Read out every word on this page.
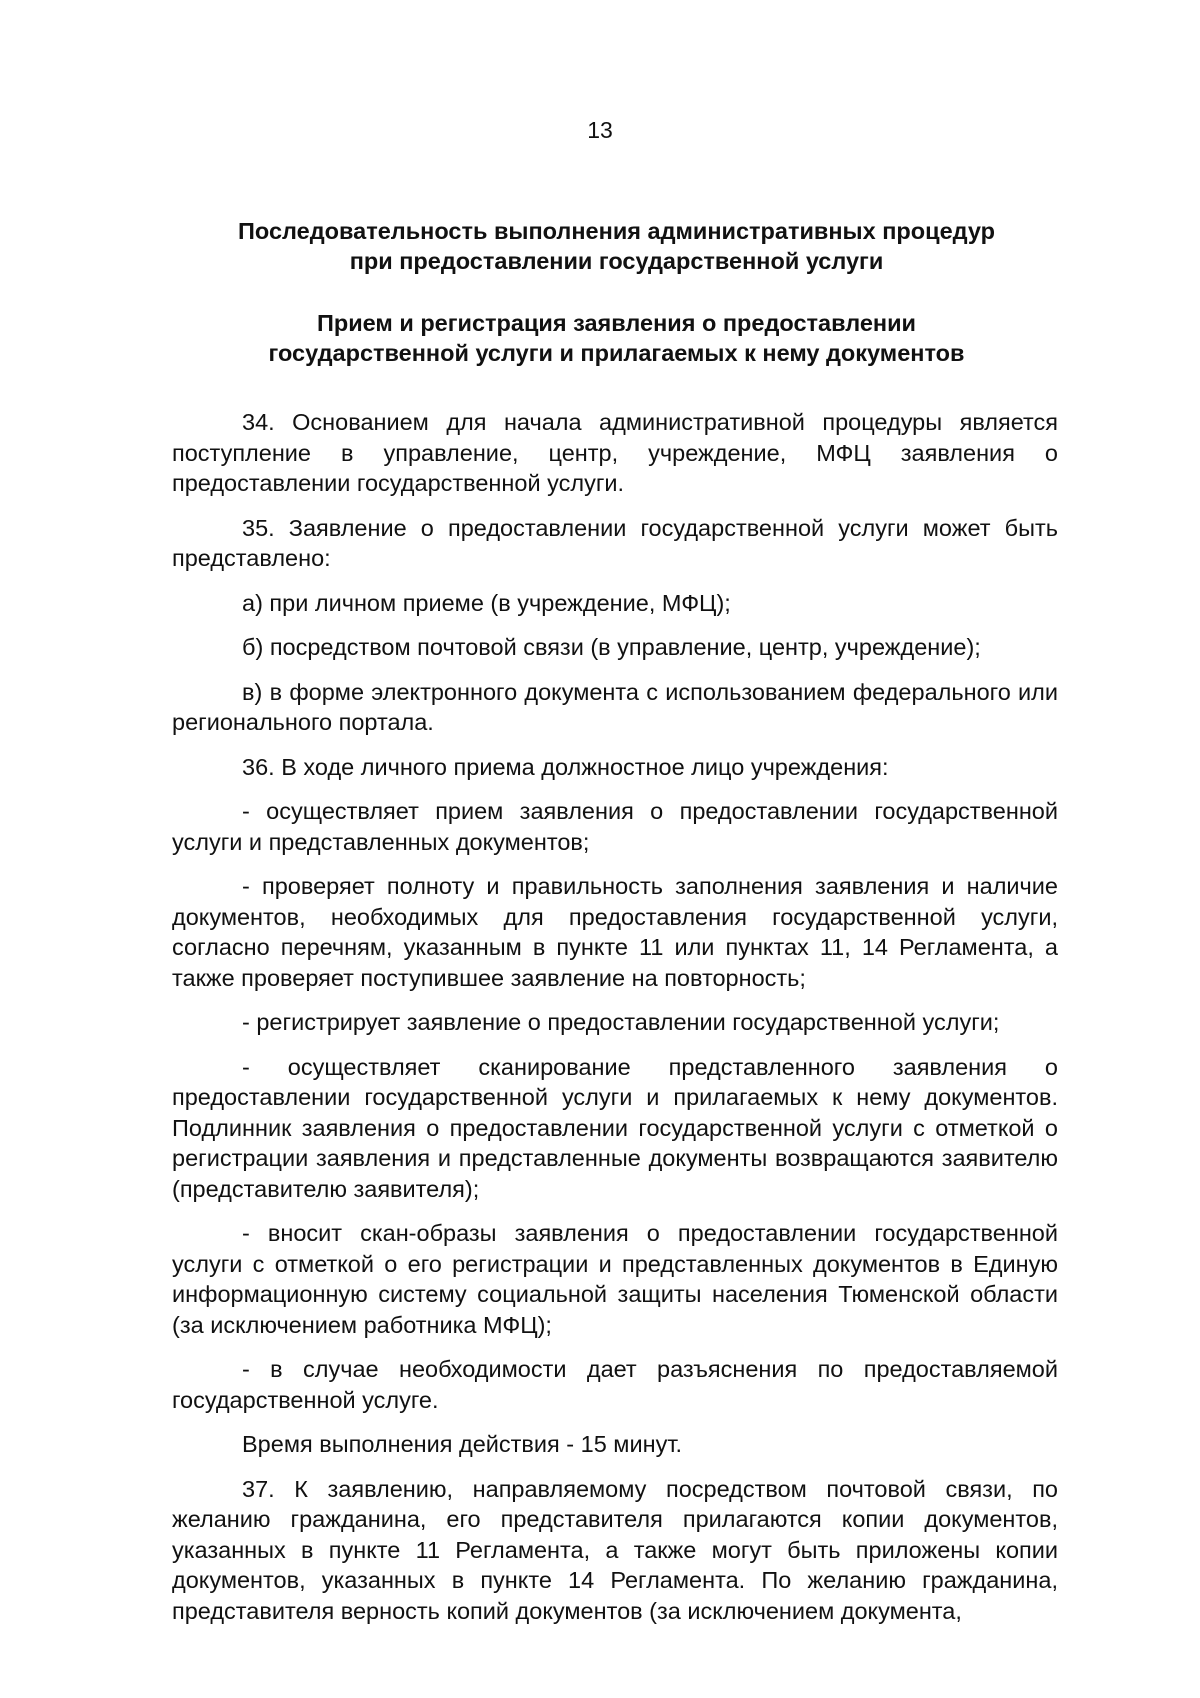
13
Последовательность выполнения административных процедур
при предоставлении государственной услуги
Прием и регистрация заявления о предоставлении
государственной услуги и прилагаемых к нему документов

34. Основанием для начала административной процедуры является поступление в управление, центр, учреждение, МФЦ заявления о предоставлении государственной услуги.

35. Заявление о предоставлении государственной услуги может быть представлено:

а) при личном приеме (в учреждение, МФЦ);

б) посредством почтовой связи (в управление, центр, учреждение);

в) в форме электронного документа с использованием федерального или регионального портала.

36. В ходе личного приема должностное лицо учреждения:

- осуществляет прием заявления о предоставлении государственной услуги и представленных документов;

- проверяет полноту и правильность заполнения заявления и наличие документов, необходимых для предоставления государственной услуги, согласно перечням, указанным в пункте 11 или пунктах 11, 14 Регламента, а также проверяет поступившее заявление на повторность;

- регистрирует заявление о предоставлении государственной услуги;

- осуществляет сканирование представленного заявления о предоставлении государственной услуги и прилагаемых к нему документов. Подлинник заявления о предоставлении государственной услуги с отметкой о регистрации заявления и представленные документы возвращаются заявителю (представителю заявителя);

- вносит скан-образы заявления о предоставлении государственной услуги с отметкой о его регистрации и представленных документов в Единую информационную систему социальной защиты населения Тюменской области (за исключением работника МФЦ);

- в случае необходимости дает разъяснения по предоставляемой государственной услуге.

Время выполнения действия - 15 минут.

37. К заявлению, направляемому посредством почтовой связи, по желанию гражданина, его представителя прилагаются копии документов, указанных в пункте 11 Регламента, а также могут быть приложены копии документов, указанных в пункте 14 Регламента. По желанию гражданина, представителя верность копий документов (за исключением документа,
